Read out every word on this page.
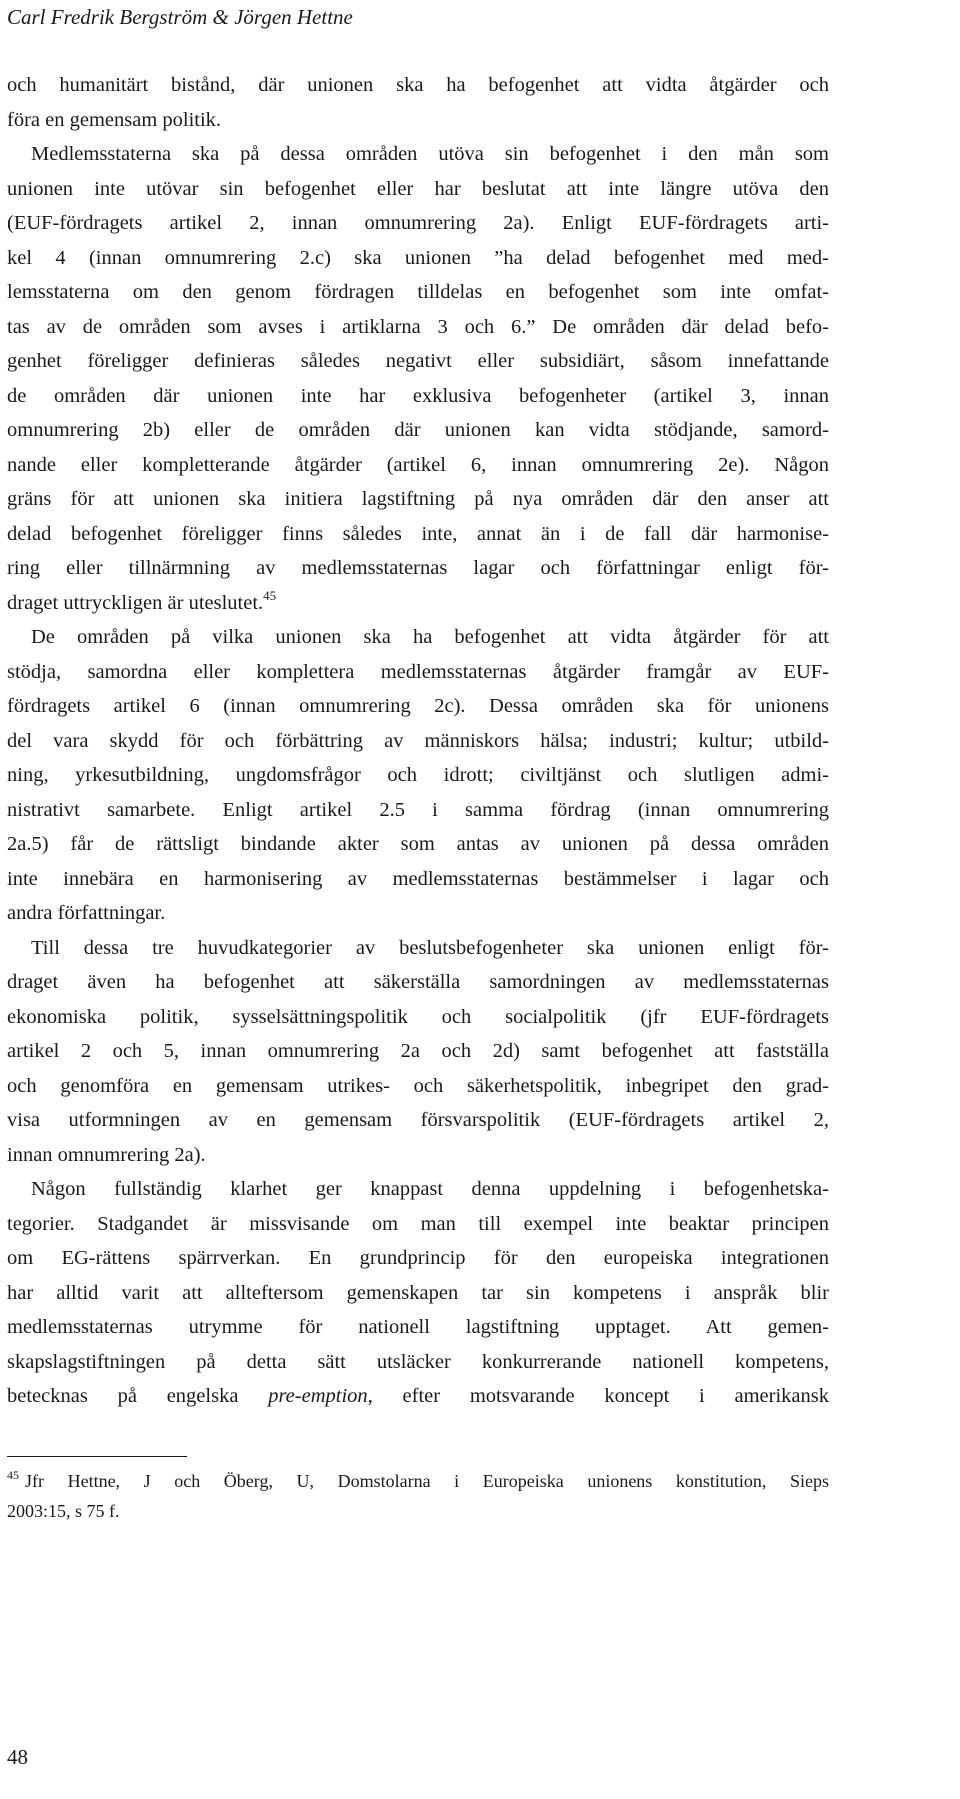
Carl Fredrik Bergström & Jörgen Hettne
och humanitärt bistånd, där unionen ska ha befogenhet att vidta åtgärder och
föra en gemensam politik.
Medlemsstaterna ska på dessa områden utöva sin befogenhet i den mån som
unionen inte utövar sin befogenhet eller har beslutat att inte längre utöva den
(EUF-fördragets artikel 2, innan omnumrering 2a). Enligt EUF-fördragets arti-
kel 4 (innan omnumrering 2.c) ska unionen ”ha delad befogenhet med med-
lemsstaterna om den genom fördragen tilldelas en befogenhet som inte omfat-
tas av de områden som avses i artiklarna 3 och 6.” De områden där delad befo-
genhet föreligger definieras således negativt eller subsidiärt, såsom innefattande
de områden där unionen inte har exklusiva befogenheter (artikel 3, innan
omnumrering 2b) eller de områden där unionen kan vidta stödjande, samord-
nande eller kompletterande åtgärder (artikel 6, innan omnumrering 2e). Någon
gräns för att unionen ska initiera lagstiftning på nya områden där den anser att
delad befogenhet föreligger finns således inte, annat än i de fall där harmonise-
ring eller tillnärmning av medlemsstaternas lagar och författningar enligt för-
draget uttryckligen är uteslutet.$^{45}$
De områden på vilka unionen ska ha befogenhet att vidta åtgärder för att
stödja, samordna eller komplettera medlemsstaternas åtgärder framgår av EUF-
fördragets artikel 6 (innan omnumrering 2c). Dessa områden ska för unionens
del vara skydd för och förbättring av människors hälsa; industri; kultur; utbild-
ning, yrkesutbildning, ungdomsfrågor och idrott; civiltjänst och slutligen admi-
nistrativt samarbete. Enligt artikel 2.5 i samma fördrag (innan omnumrering
2a.5) får de rättsligt bindande akter som antas av unionen på dessa områden
inte innebära en harmonisering av medlemsstaternas bestämmelser i lagar och
andra författningar.
Till dessa tre huvudkategorier av beslutsbefogenheter ska unionen enligt för-
draget även ha befogenhet att säkerställa samordningen av medlemsstaternas
ekonomiska politik, sysselsättningspolitik och socialpolitik (jfr EUF-fördragets
artikel 2 och 5, innan omnumrering 2a och 2d) samt befogenhet att fastställa
och genomföra en gemensam utrikes- och säkerhetspolitik, inbegripet den grad-
visa utformningen av en gemensam försvarspolitik (EUF-fördragets artikel 2,
innan omnumrering 2a).
Någon fullständig klarhet ger knappast denna uppdelning i befogenhetska-
tegorier. Stadgandet är missvisande om man till exempel inte beaktar principen
om EG-rättens spärrverkan. En grundprincip för den europeiska integrationen
har alltid varit att allteftersom gemenskapen tar sin kompetens i anspråk blir
medlemsstaternas utrymme för nationell lagstiftning upptaget. Att gemen-
skapslagstiftningen på detta sätt utsläcker konkurrerande nationell kompetens,
betecknas på engelska pre-emption, efter motsvarande koncept i amerikansk
$^{45}$ Jfr Hettne, J och Öberg, U, Domstolarna i Europeiska unionens konstitution, Sieps
2003:15, s 75 f.
48
